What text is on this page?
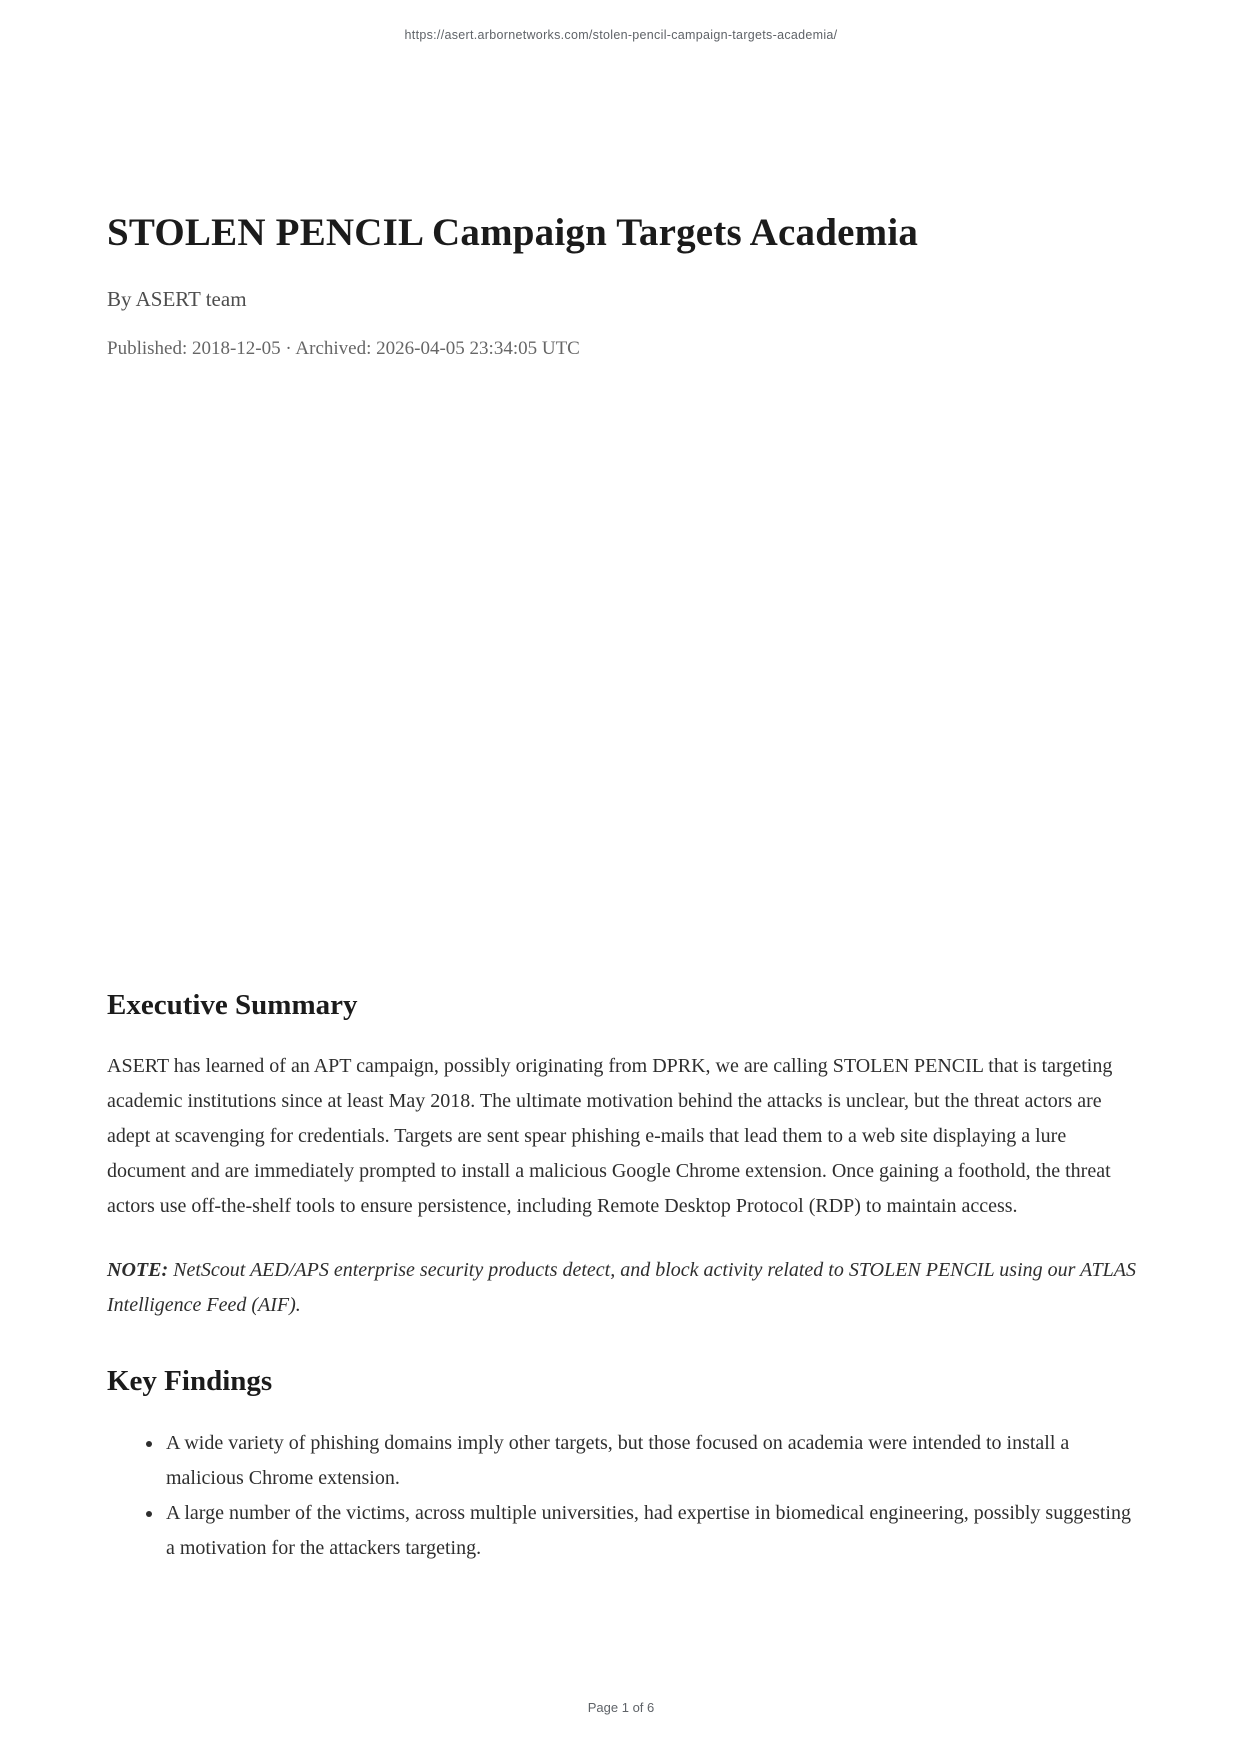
https://asert.arbornetworks.com/stolen-pencil-campaign-targets-academia/
STOLEN PENCIL Campaign Targets Academia
By ASERT team
Published: 2018-12-05 · Archived: 2026-04-05 23:34:05 UTC
Executive Summary

ASERT has learned of an APT campaign, possibly originating from DPRK, we are calling STOLEN PENCIL that is targeting academic institutions since at least May 2018. The ultimate motivation behind the attacks is unclear, but the threat actors are adept at scavenging for credentials. Targets are sent spear phishing e-mails that lead them to a web site displaying a lure document and are immediately prompted to install a malicious Google Chrome extension. Once gaining a foothold, the threat actors use off-the-shelf tools to ensure persistence, including Remote Desktop Protocol (RDP) to maintain access.

NOTE: NetScout AED/APS enterprise security products detect, and block activity related to STOLEN PENCIL using our ATLAS Intelligence Feed (AIF).

Key Findings
• A wide variety of phishing domains imply other targets, but those focused on academia were intended to install a malicious Chrome extension.
• A large number of the victims, across multiple universities, had expertise in biomedical engineering, possibly suggesting a motivation for the attackers targeting.
Page 1 of 6
